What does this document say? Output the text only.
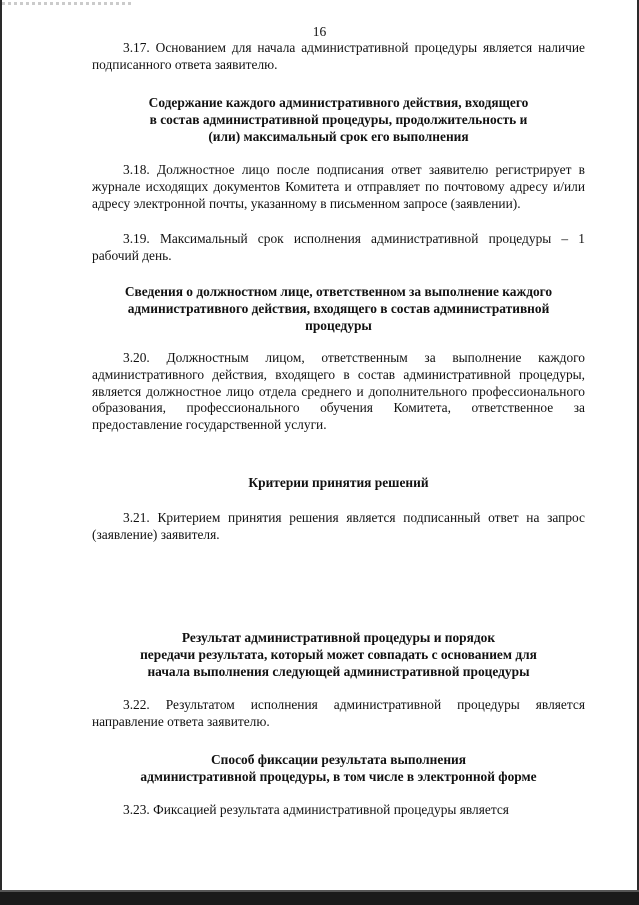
16

3.17. Основанием для начала административной процедуры является наличие подписанного ответа заявителю.

Содержание каждого административного действия, входящего
в состав административной процедуры, продолжительность и
(или) максимальный срок его выполнения

3.18. Должностное лицо после подписания ответ заявителю регистрирует в журнале исходящих документов Комитета и отправляет по почтовому адресу и/или адресу электронной почты, указанному в письменном запросе (заявлении).

3.19. Максимальный срок исполнения административной процедуры – 1 рабочий день.

Сведения о должностном лице, ответственном за выполнение каждого
административного действия, входящего в состав административной
процедуры

3.20. Должностным лицом, ответственным за выполнение каждого административного действия, входящего в состав административной процедуры, является должностное лицо отдела среднего и дополнительного профессионального образования, профессионального обучения Комитета, ответственное за предоставление государственной услуги.

Критерии принятия решений

3.21. Критерием принятия решения является подписанный ответ на запрос (заявление) заявителя.

Результат административной процедуры и порядок
передачи результата, который может совпадать с основанием для
начала выполнения следующей административной процедуры

3.22. Результатом исполнения административной процедуры является направление ответа заявителю.

Способ фиксации результата выполнения
административной процедуры, в том числе в электронной форме

3.23. Фиксацией результата административной процедуры является
